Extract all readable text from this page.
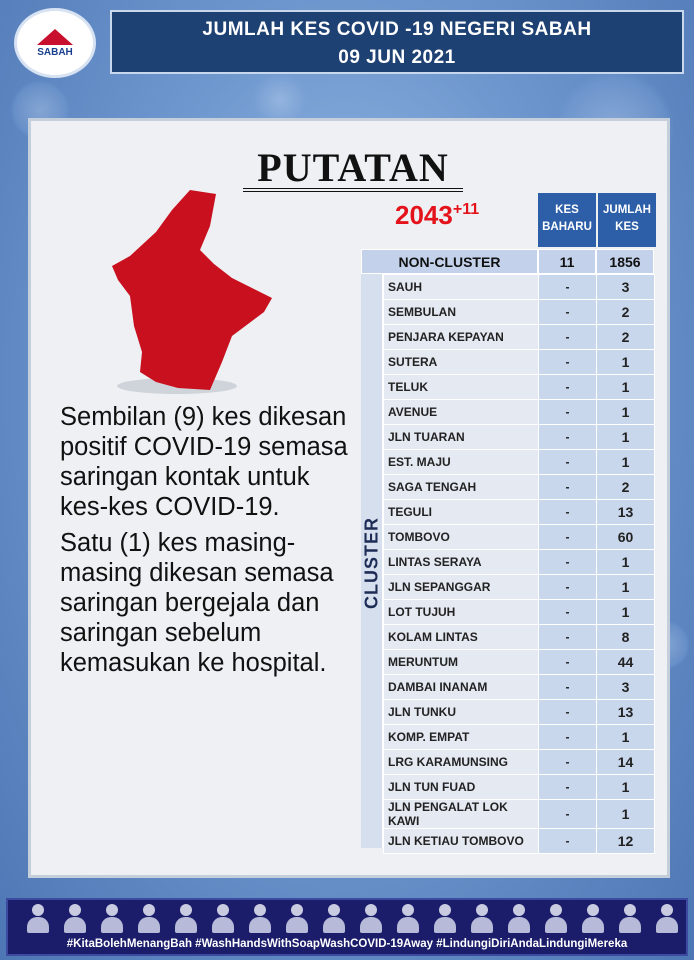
SABAH
JUMLAH KES COVID -19 NEGERI SABAH
09 JUN 2021
PUTATAN
$2043^{+11}$

Sembilan (9) kes dikesan positif COVID-19 semasa saringan kontak untuk kes-kes COVID-19.

Satu (1) kes masing-masing dikesan semasa saringan bergejala dan saringan sebelum kemasukan ke hospital.

KES BAHARU
JUMLAH KES
NON-CLUSTER	11	1856
CLUSTER
SAUH	-	3
SEMBULAN	-	2
PENJARA KEPAYAN	-	2
SUTERA	-	1
TELUK	-	1
AVENUE	-	1
JLN TUARAN	-	1
EST. MAJU	-	1
SAGA TENGAH	-	2
TEGULI	-	13
TOMBOVO	-	60
LINTAS SERAYA	-	1
JLN SEPANGGAR	-	1
LOT TUJUH	-	1
KOLAM LINTAS	-	8
MERUNTUM	-	44
DAMBAI INANAM	-	3
JLN TUNKU	-	13
KOMP. EMPAT	-	1
LRG KARAMUNSING	-	14
JLN TUN FUAD	-	1
JLN PENGALAT LOK KAWI	-	1
JLN KETIAU TOMBOVO	-	12
#KitaBolehMenangBah #WashHandsWithSoapWashCOVID-19Away #LindungiDiriAndaLindungiMereka
